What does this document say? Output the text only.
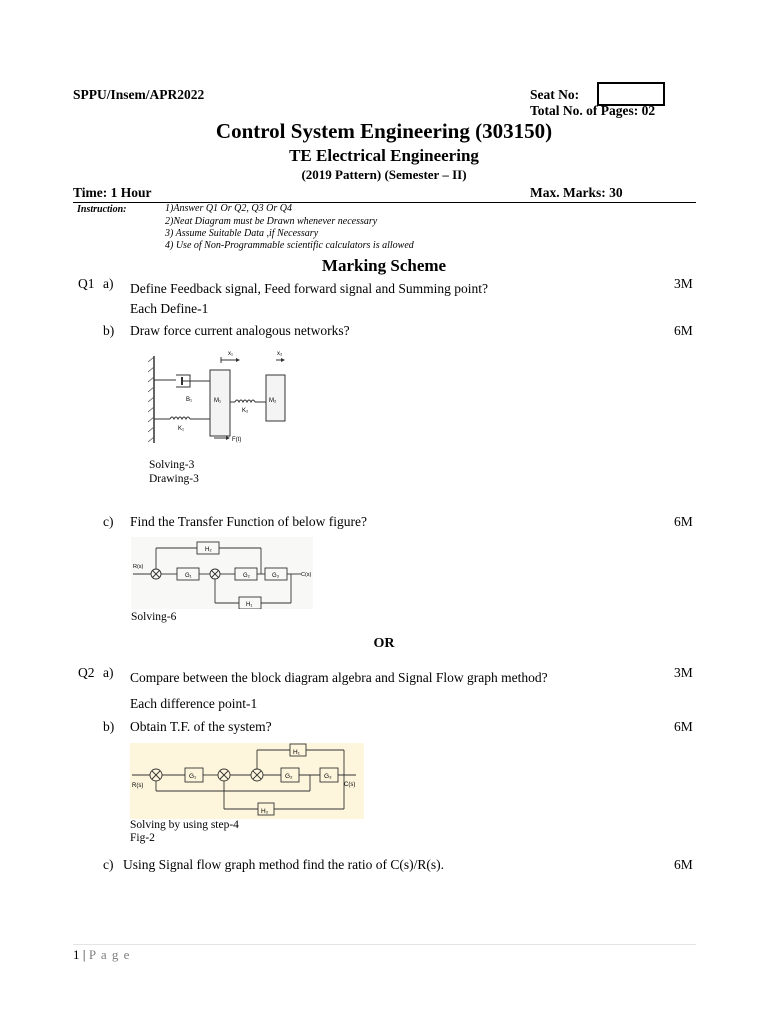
SPPU/Insem/APR2022	Seat No:
Total No. of Pages: 02
Control System Engineering (303150)
TE Electrical Engineering
(2019 Pattern) (Semester – II)
Time: 1 Hour	Max. Marks: 30
Instruction:	1)Answer Q1 Or Q2, Q3 Or Q4
2)Neat Diagram must be Drawn whenever necessary
3) Assume Suitable Data ,if Necessary
4) Use of Non-Programmable scientific calculators is allowed
Marking Scheme
Q1 a) Define Feedback signal, Feed forward signal and Summing point?	3M
Each Define-1
b) Draw force current analogous networks?	6M
B₁
K₁
M₁
K₂
M₂
x₁	x₂
F(t)
Solving-3
Drawing-3
c) Find the Transfer Function of below figure?	6M
H₂
R(s)
G₁	G₂	G₃	C(s)
H₁
Solving-6
OR
Q2 a) Compare between the block diagram algebra and Signal Flow graph method?	3M
Each difference point-1
b) Obtain T.F. of the system?	6M
H₁
R(s)
G₁	G₂	G₃
C(s)
H₂
Solving by using step-4
Fig-2
c) Using Signal flow graph method find the ratio of C(s)/R(s).	6M
1 | P a g e
